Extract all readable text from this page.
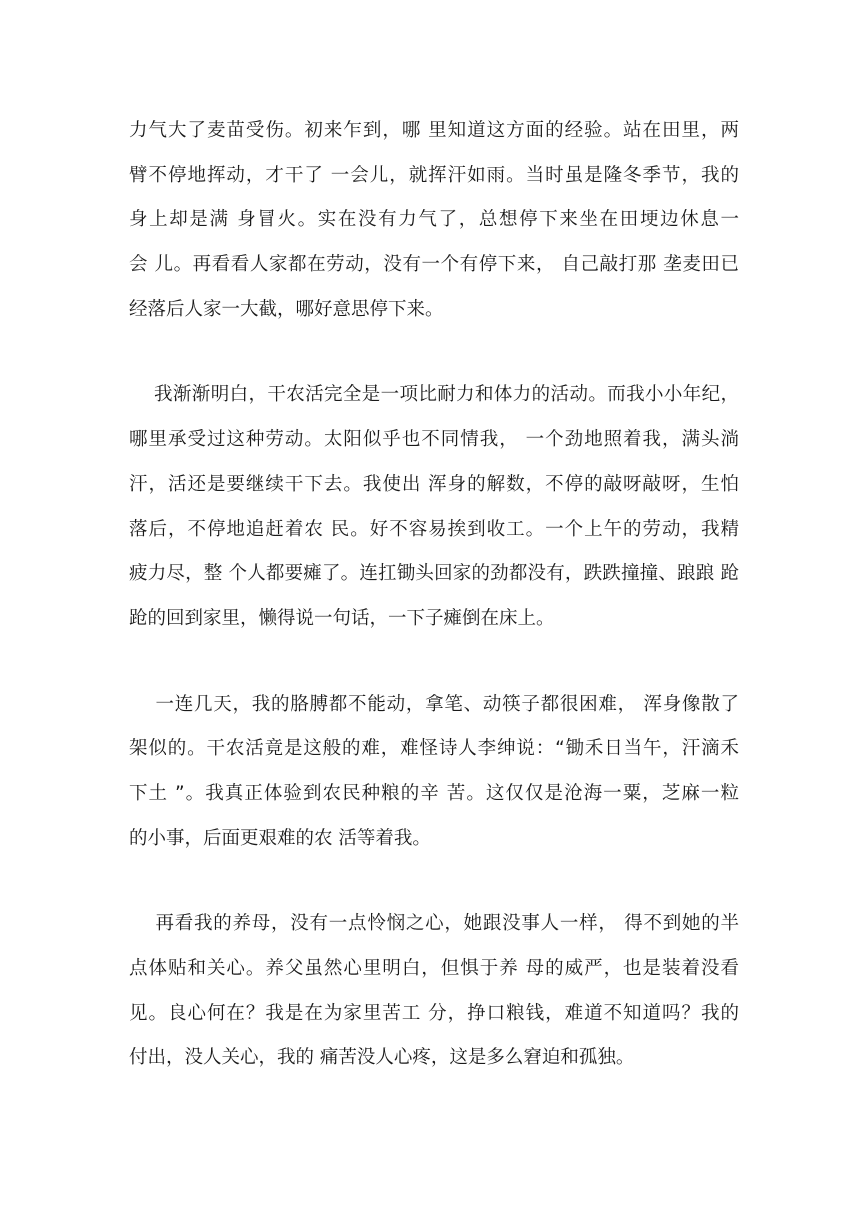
力气大了麦苗受伤。初来乍到，哪 里知道这方面的经验。站在田里，两
臂不停地挥动，才干了 一会儿，就挥汗如雨。当时虽是隆冬季节，我的
身上却是满 身冒火。实在没有力气了，总想停下来坐在田埂边休息一
会 儿。再看看人家都在劳动，没有一个有停下来， 自己敲打那 垄麦田已
经落后人家一大截，哪好意思停下来。
我渐渐明白，干农活完全是一项比耐力和体力的活动。而我小小年纪，
哪里承受过这种劳动。太阳似乎也不同情我， 一个劲地照着我，满头淌
汗，活还是要继续干下去。我使出 浑身的解数，不停的敲呀敲呀，生怕
落后，不停地追赶着农 民。好不容易挨到收工。一个上午的劳动，我精
疲力尽，整 个人都要瘫了。连扛锄头回家的劲都没有，跌跌撞撞、踉踉 跄
跄的回到家里，懒得说一句话，一下子瘫倒在床上。
一连几天，我的胳膊都不能动，拿笔、动筷子都很困难， 浑身像散了
架似的。干农活竟是这般的难，难怪诗人李绅说：“锄禾日当午，汗滴禾
下土 ”。我真正体验到农民种粮的辛 苦。这仅仅是沧海一粟，芝麻一粒
的小事，后面更艰难的农 活等着我。
再看我的养母，没有一点怜悯之心，她跟没事人一样， 得不到她的半
点体贴和关心。养父虽然心里明白，但惧于养 母的威严，也是装着没看
见。良心何在？我是在为家里苦工 分，挣口粮钱，难道不知道吗？我的
付出，没人关心，我的 痛苦没人心疼，这是多么窘迫和孤独。
